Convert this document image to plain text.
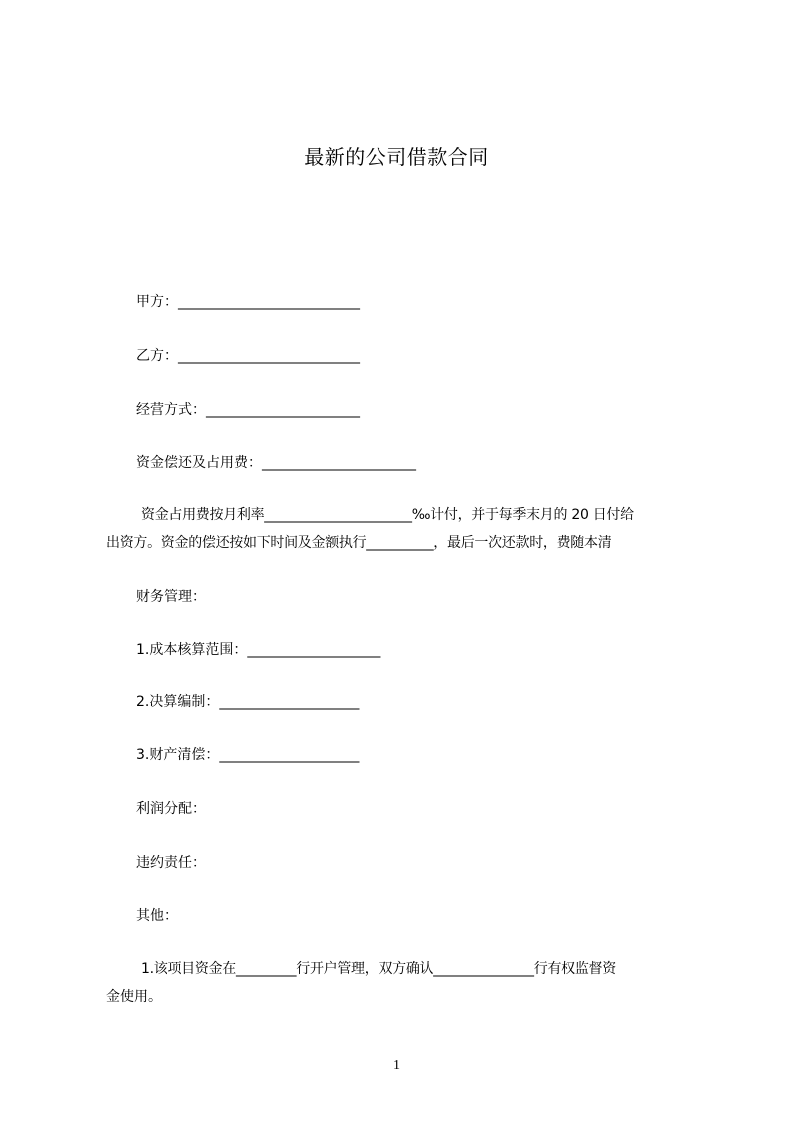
最新的公司借款合同
甲方：__________________________
乙方：__________________________
经营方式：______________________
资金偿还及占用费：______________________
资金占用费按月利率______________________‰计付，并于每季末月的 20 日付给
出资方。资金的偿还按如下时间及金额执行__________，最后一次还款时，费随本清
财务管理：
1.成本核算范围：___________________
2.决算编制：____________________
3.财产清偿：____________________
利润分配：
违约责任：
其他：
1.该项目资金在_________行开户管理，双方确认_______________行有权监督资
金使用。
1
